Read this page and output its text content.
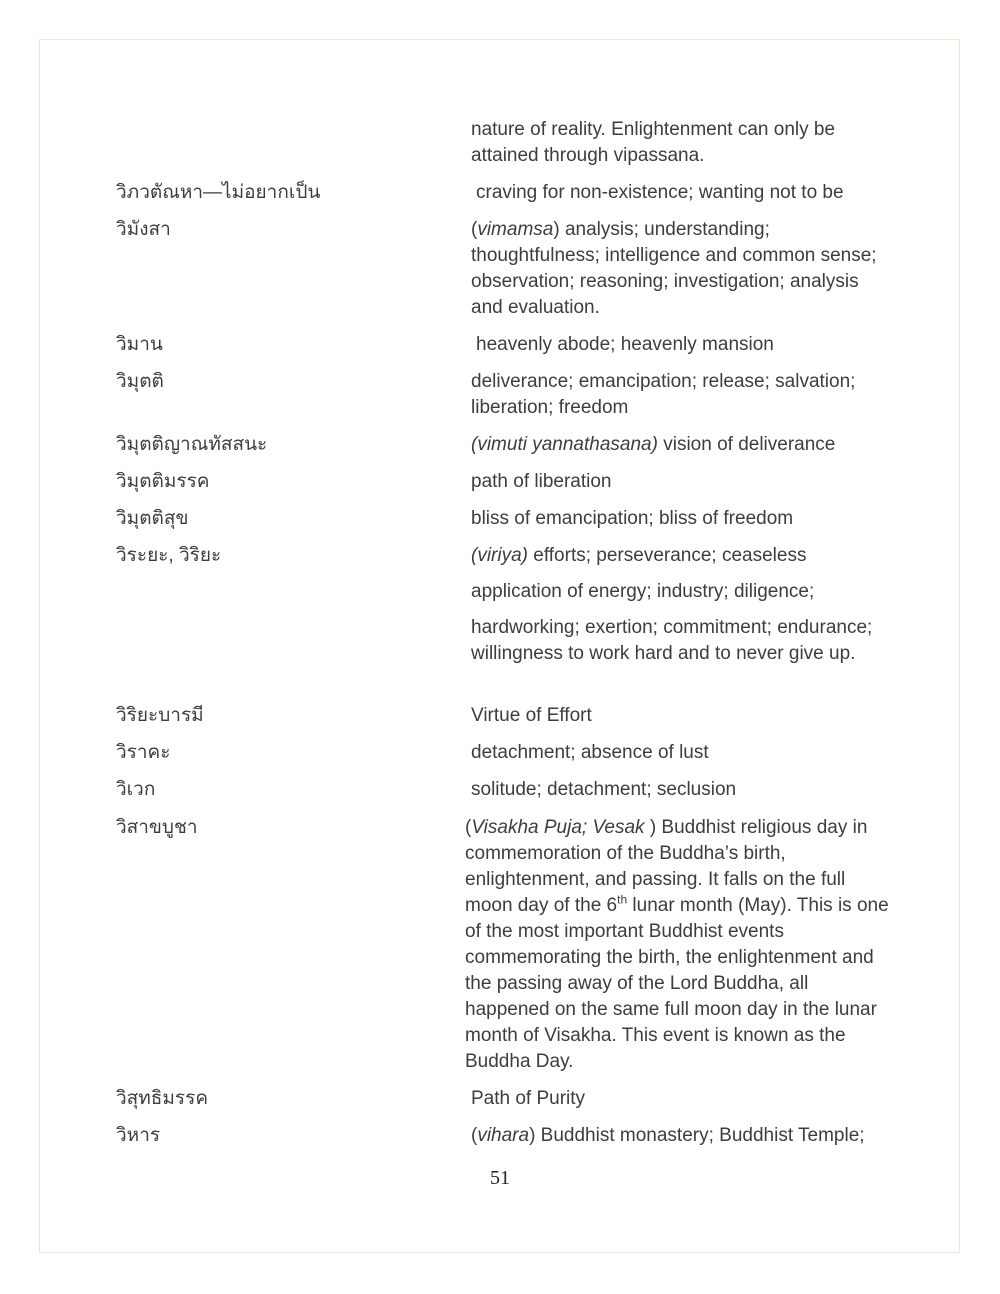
nature of reality. Enlightenment can only be attained through vipassana.
วิภวตัณหา—ไม่อยากเป็น	craving for non-existence; wanting not to be
วิมังสา	(vimamsa) analysis; understanding; thoughtfulness; intelligence and common sense; observation; reasoning; investigation; analysis and evaluation.
วิมาน	heavenly abode; heavenly mansion
วิมุตติ	deliverance; emancipation; release; salvation; liberation; freedom
วิมุตติญาณทัสสนะ	(vimuti yannathasana) vision of deliverance
วิมุตติมรรค	path of liberation
วิมุตติสุข	bliss of emancipation; bliss of freedom
วิระยะ, วิริยะ	(viriya) efforts; perseverance; ceaseless
application of energy; industry; diligence;
hardworking; exertion; commitment; endurance; willingness to work hard and to never give up.
วิริยะบารมี	Virtue of Effort
วิราคะ	detachment; absence of lust
วิเวก	solitude; detachment; seclusion
วิสาขบูชา	(Visakha Puja; Vesak ) Buddhist religious day in commemoration of the Buddha’s birth, enlightenment, and passing. It falls on the full moon day of the 6th lunar month (May). This is one of the most important Buddhist events commemorating the birth, the enlightenment and the passing away of the Lord Buddha, all happened on the same full moon day in the lunar month of Visakha. This event is known as the Buddha Day.
วิสุทธิมรรค	Path of Purity
วิหาร	(vihara) Buddhist monastery; Buddhist Temple;
51
